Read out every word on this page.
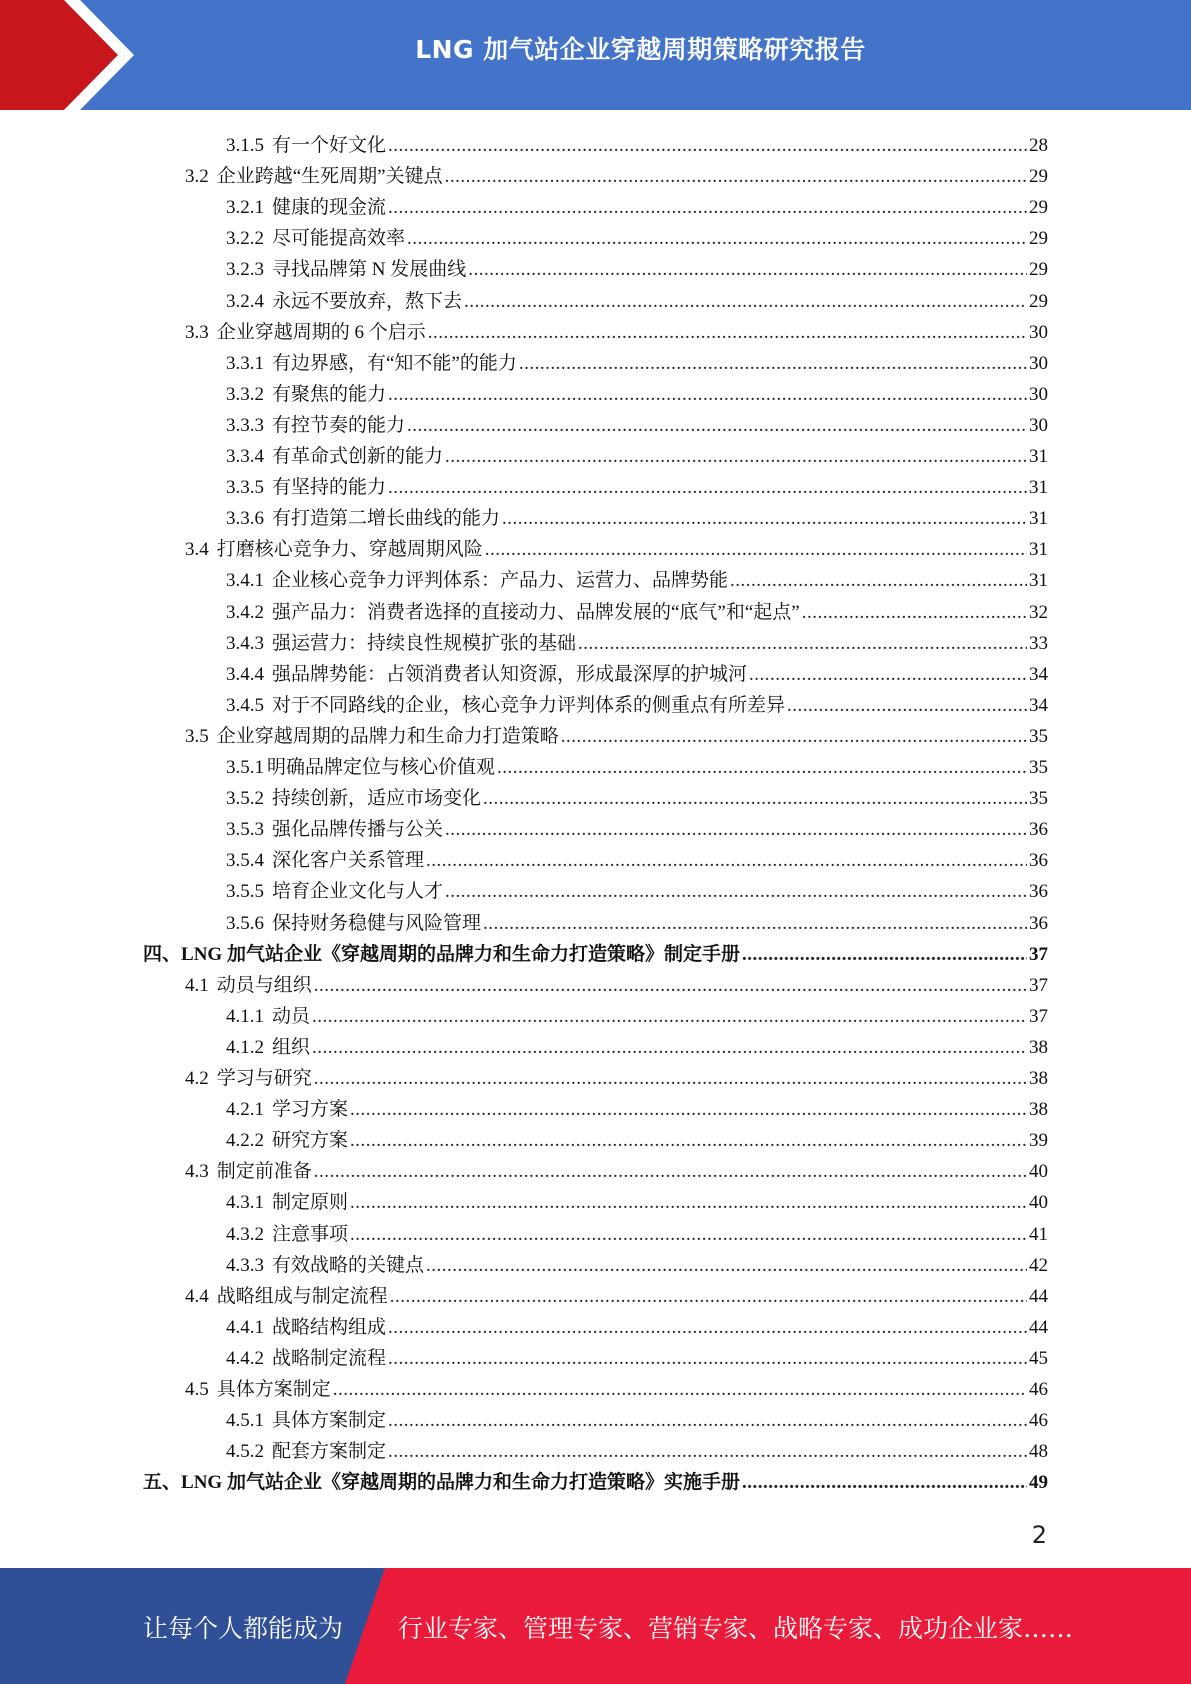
LNG 加气站企业穿越周期策略研究报告
3.1.5 有一个好文化 .....	28
3.2 企业跨越“生死周期”关键点 .....	29
3.2.1 健康的现金流 .....	29
3.2.2 尽可能提高效率 .....	29
3.2.3 寻找品牌第 N 发展曲线 .....	29
3.2.4 永远不要放弃，熬下去 .....	29
3.3 企业穿越周期的 6 个启示 .....	30
3.3.1 有边界感，有“知不能”的能力 .....	30
3.3.2 有聚焦的能力 .....	30
3.3.3 有控节奏的能力 .....	30
3.3.4 有革命式创新的能力 .....	31
3.3.5 有坚持的能力 .....	31
3.3.6 有打造第二增长曲线的能力 .....	31
3.4 打磨核心竞争力、穿越周期风险 .....	31
3.4.1 企业核心竞争力评判体系：产品力、运营力、品牌势能 .....	31
3.4.2 强产品力：消费者选择的直接动力、品牌发展的“底气”和“起点” .....	32
3.4.3 强运营力：持续良性规模扩张的基础 .....	33
3.4.4 强品牌势能：占领消费者认知资源，形成最深厚的护城河 .....	34
3.4.5 对于不同路线的企业，核心竞争力评判体系的侧重点有所差异 .....	34
3.5 企业穿越周期的品牌力和生命力打造策略 .....	35
3.5.1 明确品牌定位与核心价值观 .....	35
3.5.2 持续创新，适应市场变化 .....	35
3.5.3 强化品牌传播与公关 .....	36
3.5.4 深化客户关系管理 .....	36
3.5.5 培育企业文化与人才 .....	36
3.5.6 保持财务稳健与风险管理 .....	36
四、 LNG 加气站企业《穿越周期的品牌力和生命力打造策略》制定手册 .....	37
4.1 动员与组织 .....	37
4.1.1 动员 .....	37
4.1.2 组织 .....	38
4.2 学习与研究 .....	38
4.2.1 学习方案 .....	38
4.2.2 研究方案 .....	39
4.3 制定前准备 .....	40
4.3.1 制定原则 .....	40
4.3.2 注意事项 .....	41
4.3.3 有效战略的关键点 .....	42
4.4 战略组成与制定流程 .....	44
4.4.1 战略结构组成 .....	44
4.4.2 战略制定流程 .....	45
4.5 具体方案制定 .....	46
4.5.1 具体方案制定 .....	46
4.5.2 配套方案制定 .....	48
五、 LNG 加气站企业《穿越周期的品牌力和生命力打造策略》实施手册 .....	49
2
让每个人都能成为 行业专家、管理专家、营销专家、战略专家、成功企业家……
